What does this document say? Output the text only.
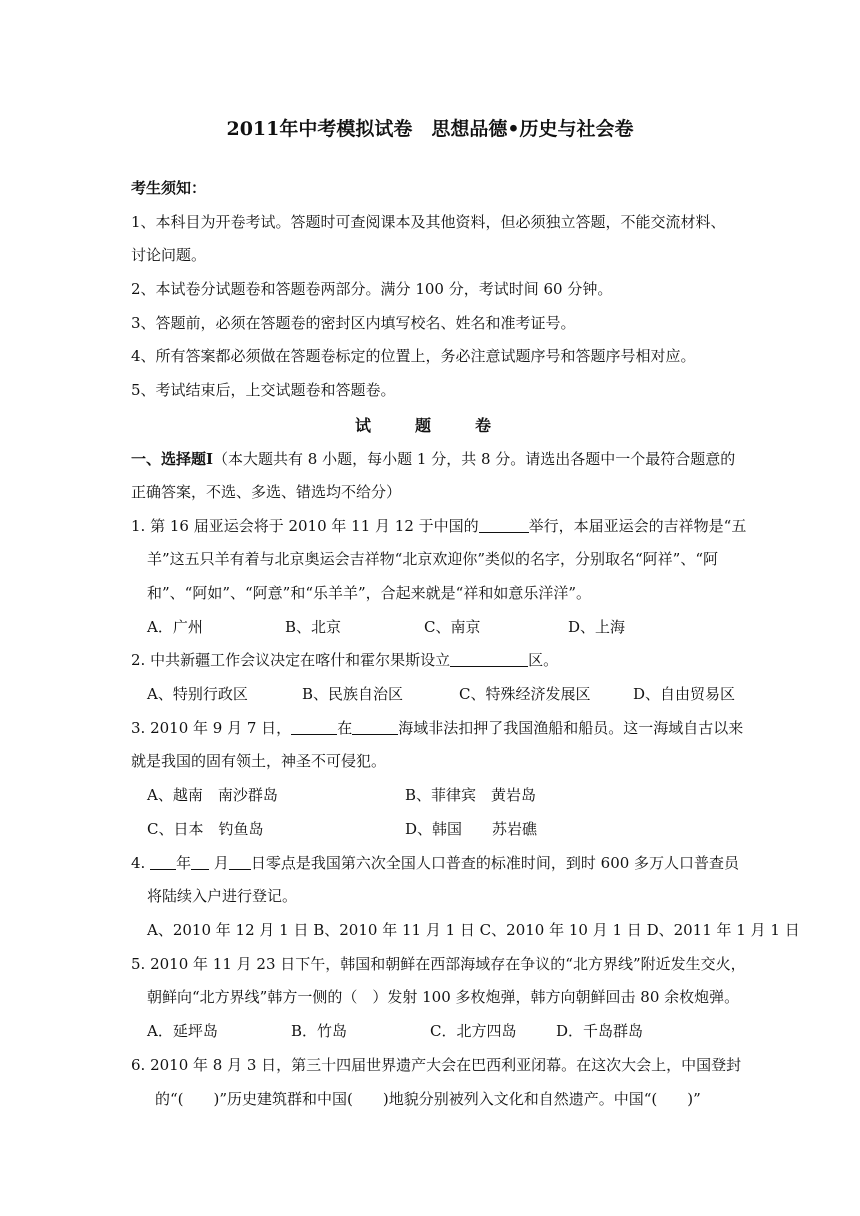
2011年中考模拟试卷　思想品德•历史与社会卷
考生须知：
1、本科目为开卷考试。答题时可查阅课本及其他资料，但必须独立答题，不能交流材料、
讨论问题。
2、本试卷分试题卷和答题卷两部分。满分 100 分，考试时间 60 分钟。
3、答题前，必须在答题卷的密封区内填写校名、姓名和准考证号。
4、所有答案都必须做在答题卷标定的位置上，务必注意试题序号和答题序号相对应。
5、考试结束后，上交试题卷和答题卷。
试　题　卷
一、选择题Ⅰ（本大题共有 8 小题，每小题 1 分，共 8 分。请选出各题中一个最符合题意的
正确答案，不选、多选、错选均不给分）
1. 第 16 届亚运会将于 2010 年 11 月 12 于中国的	举行，本届亚运会的吉祥物是“五
羊”这五只羊有着与北京奥运会吉祥物“北京欢迎你”类似的名字，分别取名“阿祥”、“阿
和”、“阿如”、“阿意”和“乐羊羊”，合起来就是“祥和如意乐洋洋”。
A．广州	B、北京	C、南京	D、上海
2. 中共新疆工作会议决定在喀什和霍尔果斯设立	区。
A、特别行政区	B、民族自治区	C、特殊经济发展区	D、自由贸易区
3. 2010 年 9 月 7 日，	在	海域非法扣押了我国渔船和船员。这一海域自古以来
就是我国的固有领土，神圣不可侵犯。
A、越南　南沙群岛	B、菲律宾　黄岩岛
C、日本　钓鱼岛	D、韩国　　苏岩礁
4. 年 月 日零点是我国第六次全国人口普查的标准时间，到时 600 多万人口普查员
将陆续入户进行登记。
A、2010 年 12 月 1 日 B、2010 年 11 月 1 日 C、2010 年 10 月 1 日 D、2011 年 1 月 1 日
5. 2010 年 11 月 23 日下午，韩国和朝鲜在西部海域存在争议的“北方界线”附近发生交火，
朝鲜向“北方界线”韩方一侧的（　）发射 100 多枚炮弹，韩方向朝鲜回击 80 余枚炮弹。
A．延坪岛	B．竹岛	C．北方四岛	D．千岛群岛
6. 2010 年 8 月 3 日，第三十四届世界遗产大会在巴西利亚闭幕。在这次大会上，中国登封
的“(　　)”历史建筑群和中国(　　)地貌分别被列入文化和自然遗产。中国“(　　)”
